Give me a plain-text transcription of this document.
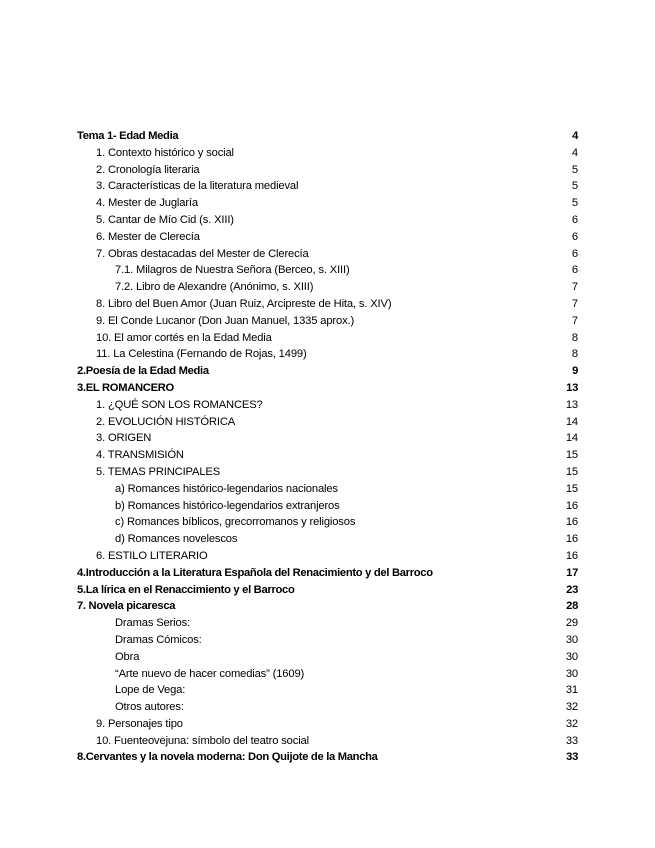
Tema 1- Edad Media	4
1. Contexto histórico y social	4
2. Cronología literaria	5
3. Características de la literatura medieval	5
4. Mester de Juglaría	5
5. Cantar de Mío Cid (s. XIII)	6
6. Mester de Clerecía	6
7. Obras destacadas del Mester de Clerecía	6
7.1. Milagros de Nuestra Señora (Berceo, s. XIII)	6
7.2. Libro de Alexandre (Anónimo, s. XIII)	7
8. Libro del Buen Amor (Juan Ruiz, Arcipreste de Hita, s. XIV)	7
9. El Conde Lucanor (Don Juan Manuel, 1335 aprox.)	7
10. El amor cortés en la Edad Media	8
11. La Celestina (Fernando de Rojas, 1499)	8
2.Poesía de la Edad Media	9
3.EL ROMANCERO	13
1. ¿QUÉ SON LOS ROMANCES?	13
2. EVOLUCIÓN HISTÓRICA	14
3. ORIGEN	14
4. TRANSMISIÓN	15
5. TEMAS PRINCIPALES	15
a) Romances histórico-legendarios nacionales	15
b) Romances histórico-legendarios extranjeros	16
c) Romances bíblicos, grecorromanos y religiosos	16
d) Romances novelescos	16
6. ESTILO LITERARIO	16
4.Introducción a la Literatura Española del Renacimiento y del Barroco	17
5.La lírica en el Renaccimiento y el Barroco	23
7. Novela picaresca	28
Dramas Serios:	29
Dramas Cómicos:	30
Obra	30
“Arte nuevo de hacer comedias” (1609)	30
Lope de Vega:	31
Otros autores:	32
9. Personajes tipo	32
10. Fuenteovejuna: símbolo del teatro social	33
8.Cervantes y la novela moderna: Don Quijote de la Mancha	33
